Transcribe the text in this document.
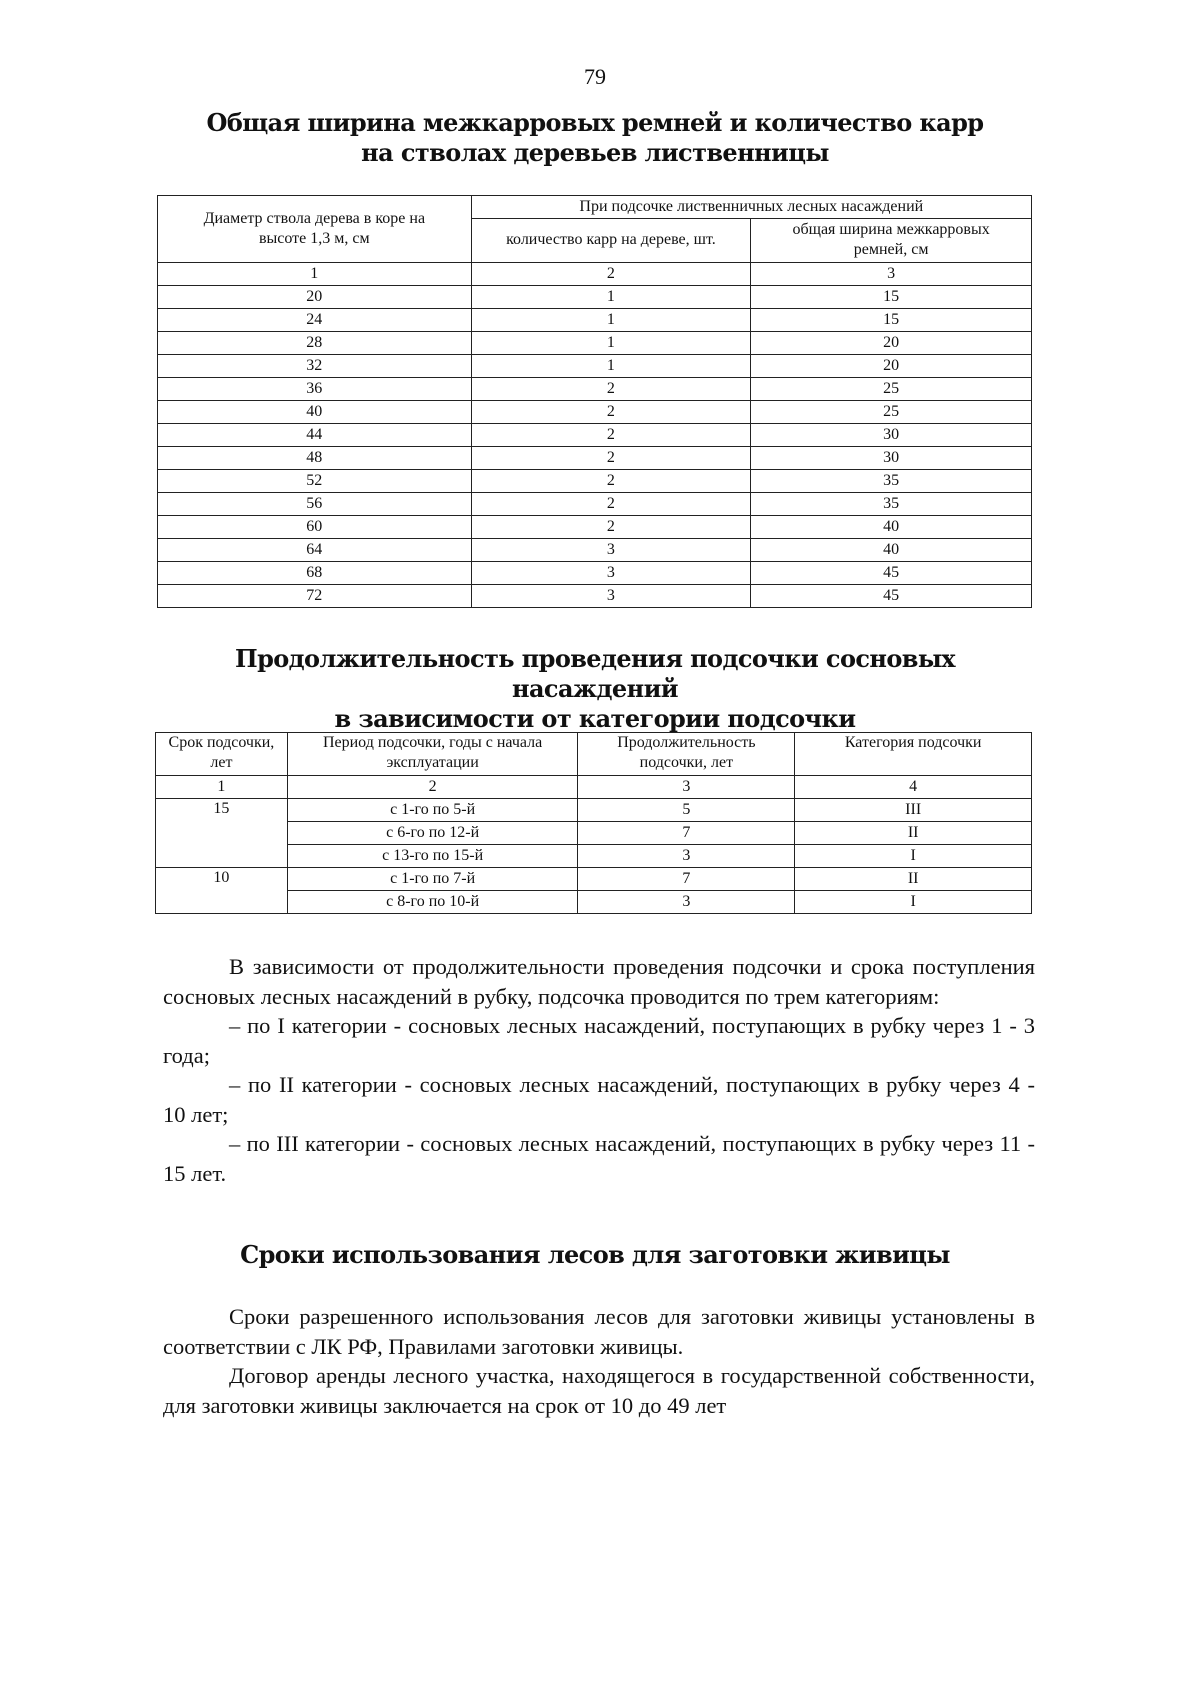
79
Общая ширина межкарровых ремней и количество карр
на стволах деревьев лиственницы
Диаметр ствола дерева в коре на высоте 1,3 м, см	При подсочке лиственничных лесных насаждений	
	количество карр на дереве, шт.	общая ширина межкарровых ремней, см
1	2	3
20	1	15
24	1	15
28	1	20
32	1	20
36	2	25
40	2	25
44	2	30
48	2	30
52	2	35
56	2	35
60	2	40
64	3	40
68	3	45
72	3	45
Продолжительность проведения подсочки сосновых насаждений
в зависимости от категории подсочки
Срок подсочки, лет	Период подсочки, годы с начала эксплуатации	Продолжительность подсочки, лет	Категория подсочки
1	2	3	4
15	с 1-го по 5-й	5	III
	с 6-го по 12-й	7	II
	с 13-го по 15-й	3	I
10	с 1-го по 7-й	7	II
	с 8-го по 10-й	3	I

В зависимости от продолжительности проведения подсочки и срока поступления сосновых лесных насаждений в рубку, подсочка проводится по трем категориям:

– по I категории - сосновых лесных насаждений, поступающих в рубку через 1 - 3 года;

– по II категории - сосновых лесных насаждений, поступающих в рубку через 4 - 10 лет;

– по III категории - сосновых лесных насаждений, поступающих в рубку через 11 - 15 лет.

Сроки использования лесов для заготовки живицы

Сроки разрешенного использования лесов для заготовки живицы установлены в соответствии с ЛК РФ, Правилами заготовки живицы.

Договор аренды лесного участка, находящегося в государственной собственности, для заготовки живицы заключается на срок от 10 до 49 лет
